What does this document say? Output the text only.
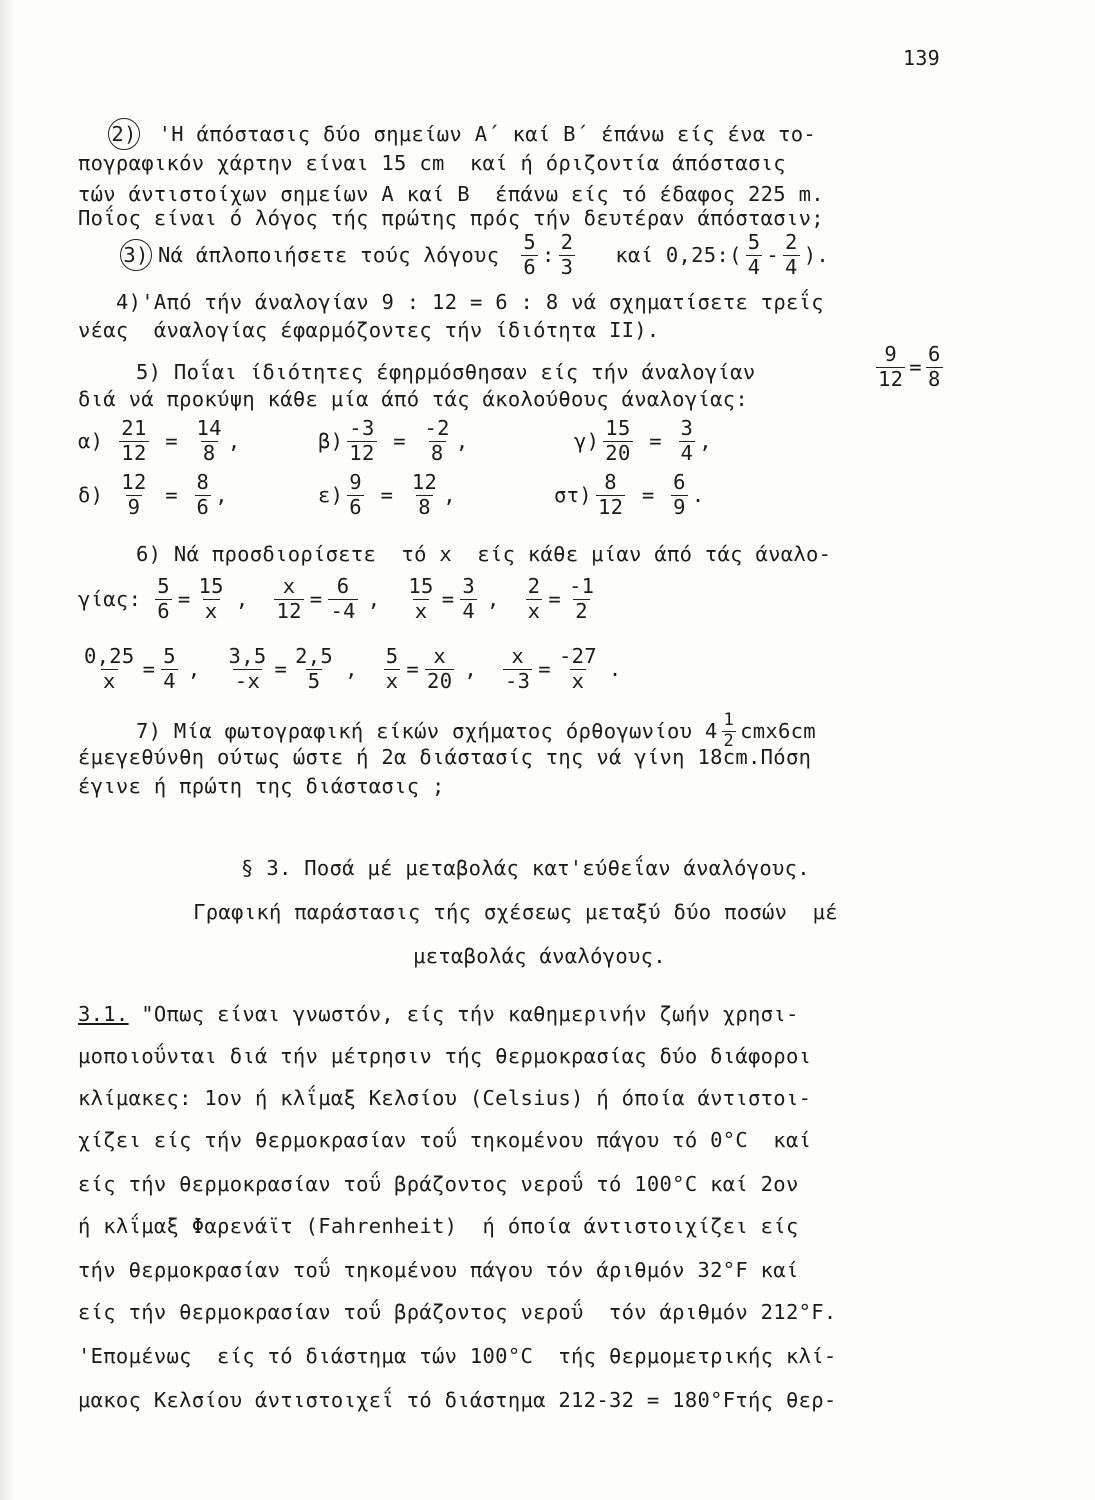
139
2) 'Η άπόστασις δύο σημείων Α΄ καί Β΄ έπάνω είς ένα το-
πογραφικόν χάρτην είναι 15 cm  καί ή όριζοντία άπόστασις
τών άντιστοίχων σημείων Α καί Β  έπάνω είς τό έδαφος 225 m.
Ποΐος είναι ό λόγος τής πρώτης πρός τήν δευτέραν άπόστασιν;
3) Νά άπλοποιήσετε τούς λόγους $\frac{5}{6}$ : $\frac{2}{3}$ καί 0,25:( $\frac{5}{4} - \frac{2}{4}$ ).
4)'Από τήν άναλογίαν 9 : 12 = 6 : 8 νά σχηματίσετε τρεΐς
νέας  άναλογίας έφαρμόζοντες τήν ίδιότητα II).
5) Ποΐαι ίδιότητες έφηρμόσθησαν είς τήν άναλογίαν	$\frac{9}{12} = \frac{6}{8}$
διά νά προκύψη κάθε μία άπό τάς άκολούθους άναλογίας:
$\alpha) \frac{21}{12} = \frac{14}{8}$ ,	$\beta) \frac{-3}{12} = \frac{-2}{8}$ ,	$\gamma) \frac{15}{20} = \frac{3}{4}$ ,
$\delta) \frac{12}{9} = \frac{8}{6}$ ,	$\varepsilon) \frac{9}{6} = \frac{12}{8}$ ,	$\sigma\tau) \frac{8}{12} = \frac{6}{9}$ .
6) Νά προσδιορίσετε  τό x  είς κάθε μίαν άπό τάς άναλο-
γίας: $\frac{5}{6} = \frac{15}{x}$ , $\frac{x}{12} = \frac{6}{-4}$ , $\frac{15}{x} = \frac{3}{4}$ , $\frac{2}{x} = \frac{-1}{2}$
$\frac{0,25}{x} = \frac{5}{4}$ , $\frac{3,5}{-x} = \frac{2,5}{5}$ , $\frac{5}{x} = \frac{x}{20}$ , $\frac{x}{-3} = \frac{-27}{x}$ .
7) Μία φωτογραφική είκών σχήματος όρθογωνίου $4 \frac{1}{2} cmx6cm$
έμεγεθύνθη ούτως ώστε ή 2α διάστασίς της νά γίνη 18cm.Πόση
έγινε ή πρώτη της διάστασις ;
§ 3. Ποσά μέ μεταβολάς κατ'εύθεΐαν άναλόγους.
Γραφική παράστασις τής σχέσεως μεταξύ δύο ποσών  μέ
μεταβολάς άναλόγους.
3.1. "Οπως είναι γνωστόν, είς τήν καθημερινήν ζωήν χρησι-
μοποιοΰνται διά τήν μέτρησιν τής θερμοκρασίας δύο διάφοροι
κλίμακες: 1ον ή κλΐμαξ Κελσίου (Celsius) ή όποία άντιστοι-
χίζει είς τήν θερμοκρασίαν τοΰ τηκομένου πάγου τό 0°C  καί
είς τήν θερμοκρασίαν τοΰ βράζοντος νεροΰ τό 100°C καί 2ον
ή κλΐμαξ Φαρενάϊτ (Fahrenheit)  ή όποία άντιστοιχίζει είς
τήν θερμοκρασίαν τοΰ τηκομένου πάγου τόν άριθμόν 32°F καί
είς τήν θερμοκρασίαν τοΰ βράζοντος νεροΰ  τόν άριθμόν 212°F.
'Επομένως  είς τό διάστημα τών 100°C  τής θερμομετρικής κλί-
μακος Κελσίου άντιστοιχεΐ τό διάστημα 212-32 = 180°Fτής θερ-
